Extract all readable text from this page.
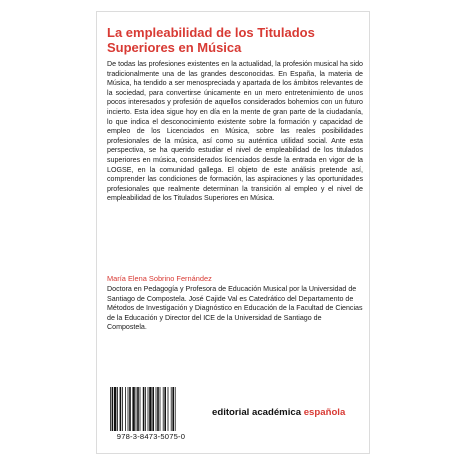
La empleabilidad de los Titulados Superiores en Música

De todas las profesiones existentes en la actualidad, la profesión musical ha sido tradicionalmente una de las grandes desconocidas. En España, la materia de Música, ha tendido a ser menospreciada y apartada de los ámbitos relevantes de la sociedad, para convertirse únicamente en un mero entretenimiento de unos pocos interesados y profesión de aquellos considerados bohemios con un futuro incierto. Esta idea sigue hoy en día en la mente de gran parte de la ciudadanía, lo que indica el desconocimiento existente sobre la formación y capacidad de empleo de los Licenciados en Música, sobre las reales posibilidades profesionales de la música, así como su auténtica utilidad social. Ante esta perspectiva, se ha querido estudiar el nivel de empleabilidad de los titulados superiores en música, considerados licenciados desde la entrada en vigor de la LOGSE, en la comunidad gallega. El objeto de este análisis pretende así, comprender las condiciones de formación, las aspiraciones y las oportunidades profesionales que realmente determinan la transición al empleo y el nivel de empleabilidad de los Titulados Superiores en Música.

María Elena Sobrino Fernández

Doctora en Pedagogía y Profesora de Educación Musical por la Universidad de Santiago de Compostela. José Cajide Val es Catedrático del Departamento de Métodos de Investigación y Diagnóstico en Educación de la Facultad de Ciencias de la Educación y Director del ICE de la Universidad de Santiago de Compostela.

978-3-8473-5075-0
editorial académica española
